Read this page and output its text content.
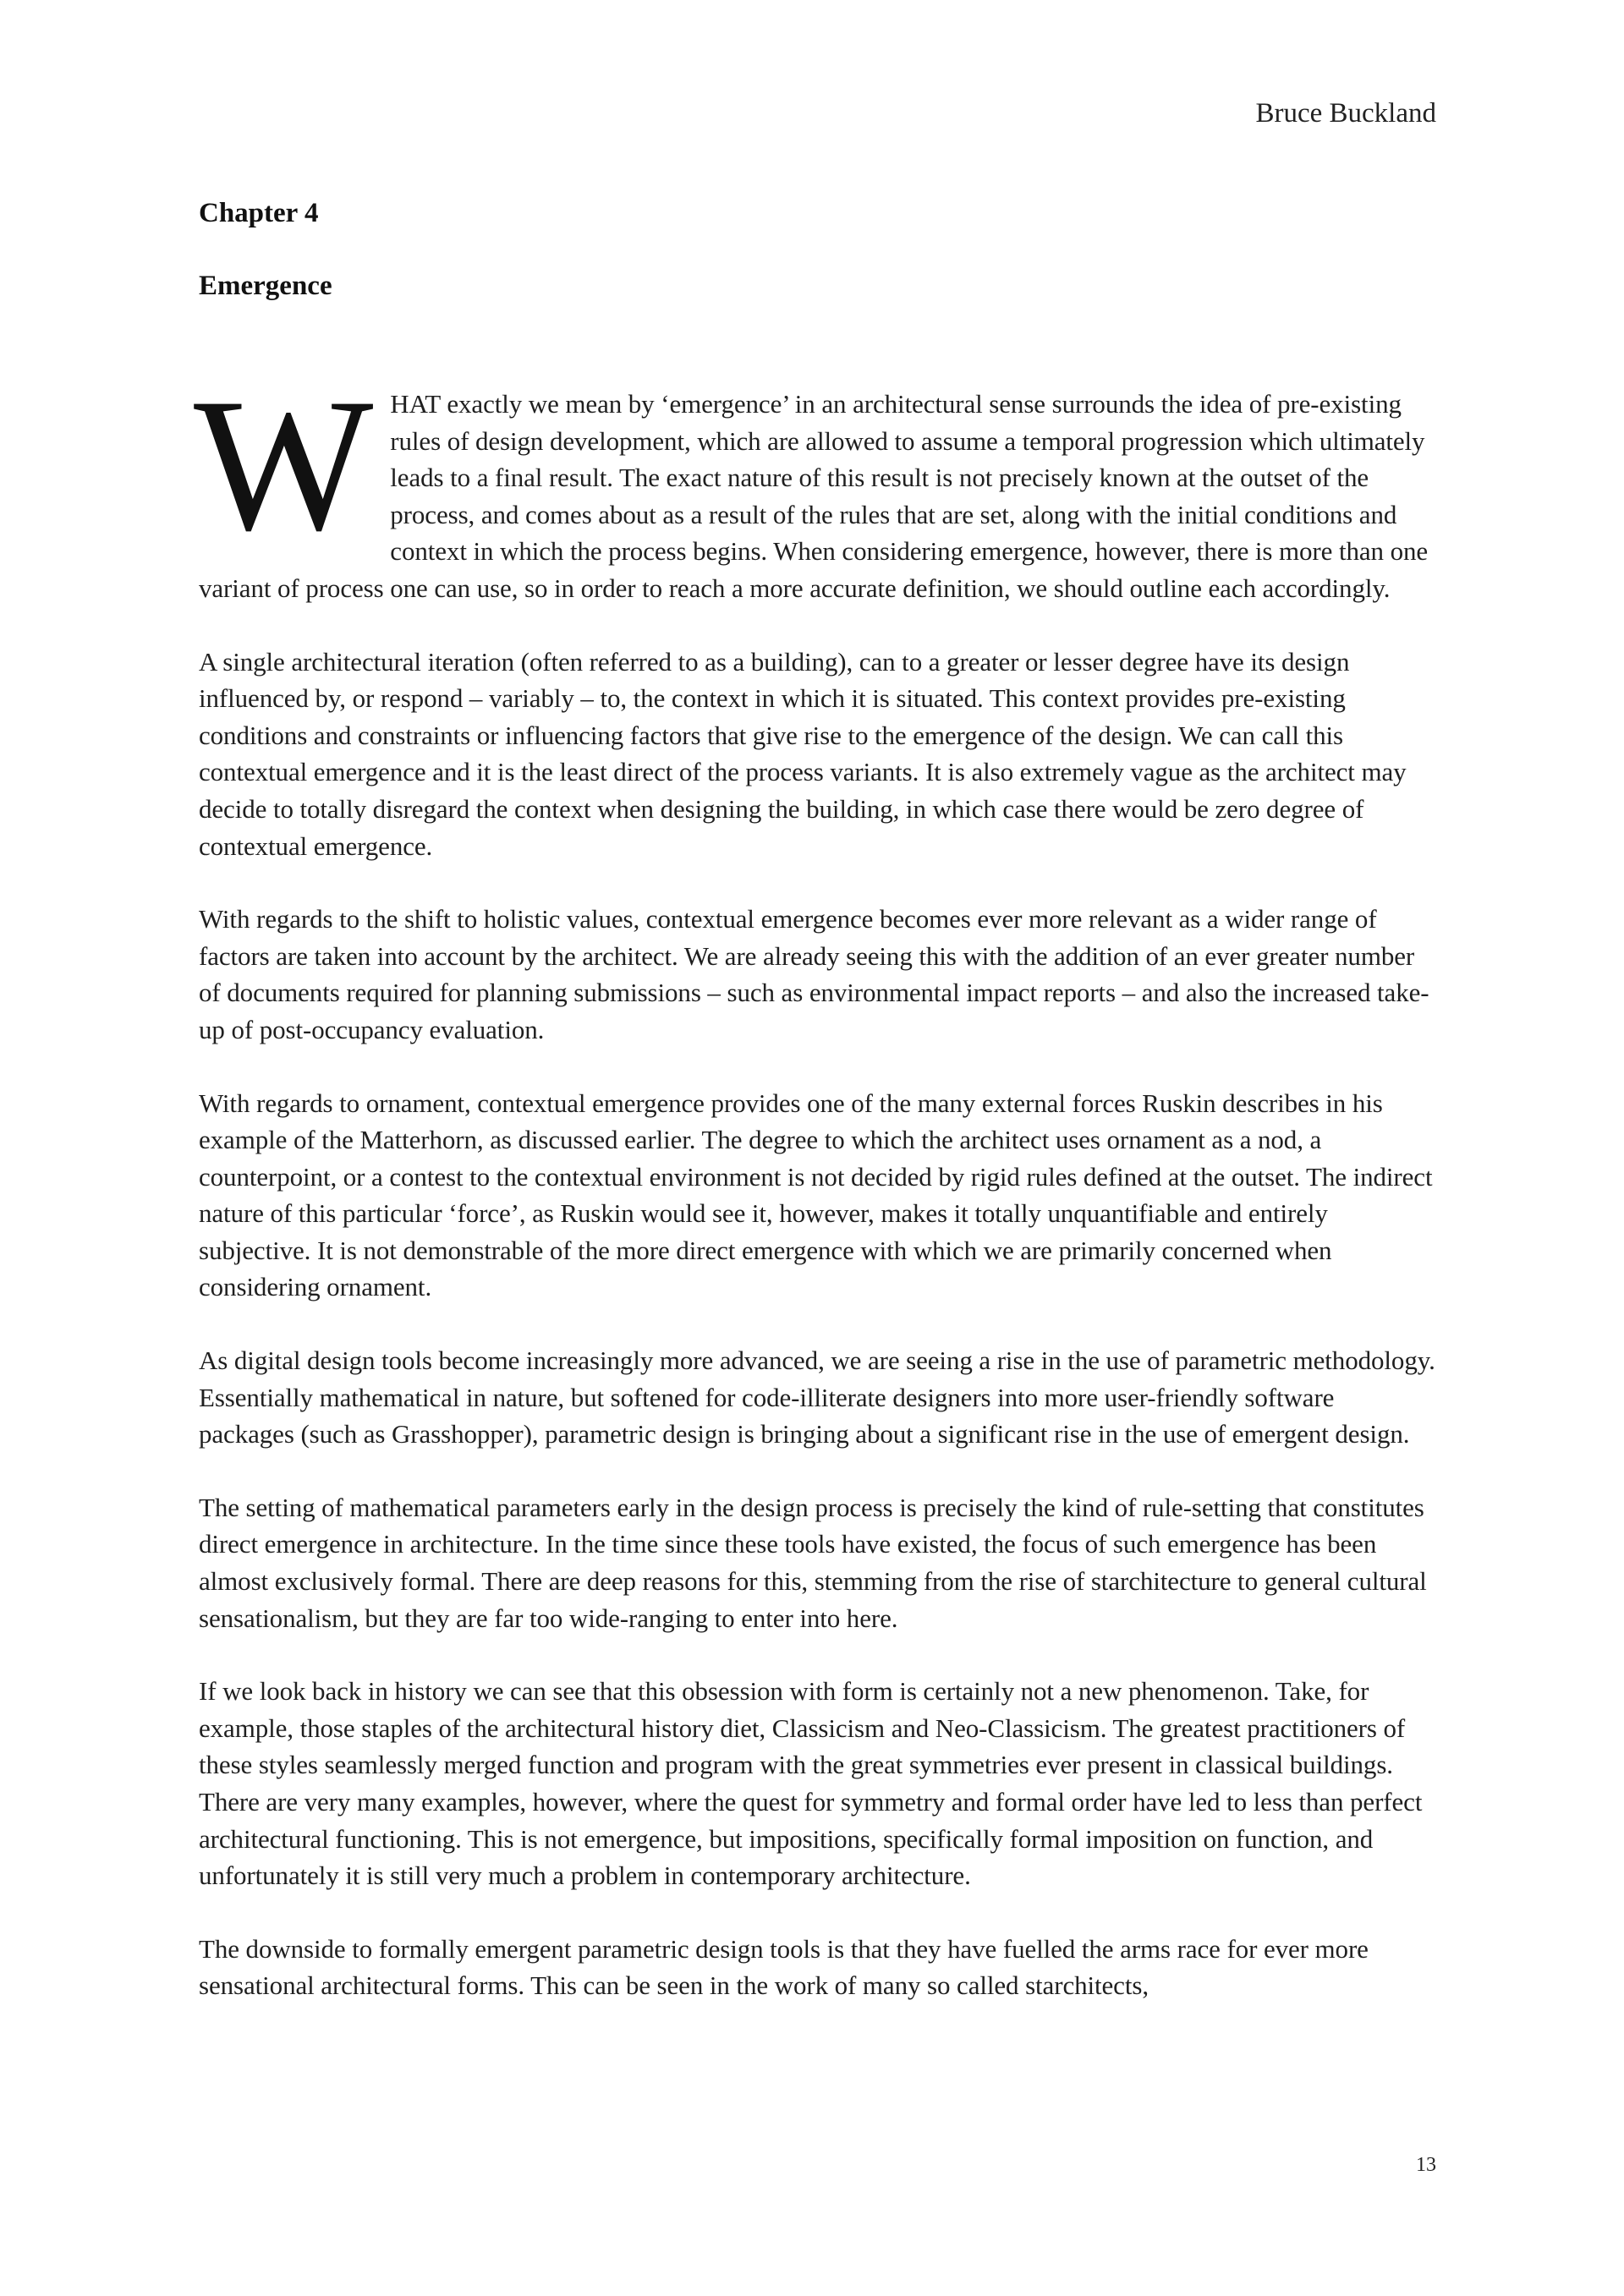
Bruce Buckland
Chapter 4
Emergence

WHAT exactly we mean by ‘emergence’ in an architectural sense surrounds the idea of pre-existing rules of design development, which are allowed to assume a temporal progression which ultimately leads to a final result. The exact nature of this result is not precisely known at the outset of the process, and comes about as a result of the rules that are set, along with the initial conditions and context in which the process begins. When considering emergence, however, there is more than one variant of process one can use, so in order to reach a more accurate definition, we should outline each accordingly.

A single architectural iteration (often referred to as a building), can to a greater or lesser degree have its design influenced by, or respond – variably – to, the context in which it is situated. This context provides pre-existing conditions and constraints or influencing factors that give rise to the emergence of the design. We can call this contextual emergence and it is the least direct of the process variants. It is also extremely vague as the architect may decide to totally disregard the context when designing the building, in which case there would be zero degree of contextual emergence.

With regards to the shift to holistic values, contextual emergence becomes ever more relevant as a wider range of factors are taken into account by the architect. We are already seeing this with the addition of an ever greater number of documents required for planning submissions – such as environmental impact reports – and also the increased take-up of post-occupancy evaluation.

With regards to ornament, contextual emergence provides one of the many external forces Ruskin describes in his example of the Matterhorn, as discussed earlier. The degree to which the architect uses ornament as a nod, a counterpoint, or a contest to the contextual environment is not decided by rigid rules defined at the outset. The indirect nature of this particular ‘force’, as Ruskin would see it, however, makes it totally unquantifiable and entirely subjective. It is not demonstrable of the more direct emergence with which we are primarily concerned when considering ornament.

As digital design tools become increasingly more advanced, we are seeing a rise in the use of parametric methodology. Essentially mathematical in nature, but softened for code-illiterate designers into more user-friendly software packages (such as Grasshopper), parametric design is bringing about a significant rise in the use of emergent design.

The setting of mathematical parameters early in the design process is precisely the kind of rule-setting that constitutes direct emergence in architecture. In the time since these tools have existed, the focus of such emergence has been almost exclusively formal. There are deep reasons for this, stemming from the rise of starchitecture to general cultural sensationalism, but they are far too wide-ranging to enter into here.

If we look back in history we can see that this obsession with form is certainly not a new phenomenon. Take, for example, those staples of the architectural history diet, Classicism and Neo-Classicism. The greatest practitioners of these styles seamlessly merged function and program with the great symmetries ever present in classical buildings. There are very many examples, however, where the quest for symmetry and formal order have led to less than perfect architectural functioning. This is not emergence, but impositions, specifically formal imposition on function, and unfortunately it is still very much a problem in contemporary architecture.

The downside to formally emergent parametric design tools is that they have fuelled the arms race for ever more sensational architectural forms. This can be seen in the work of many so called starchitects,

13
